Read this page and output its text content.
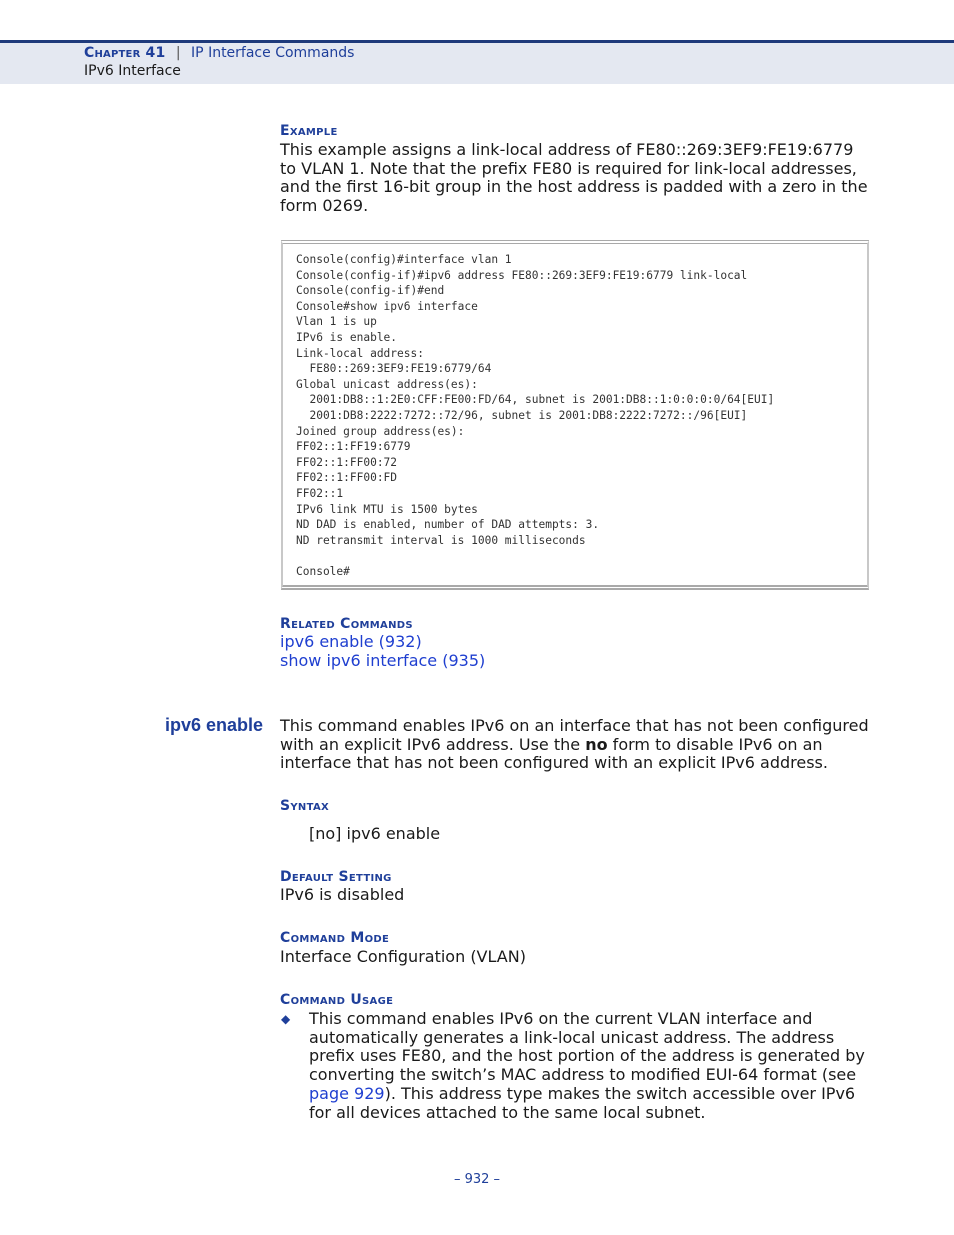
Chapter 41 | IP Interface Commands
IPv6 Interface
Example
This example assigns a link-local address of FE80::269:3EF9:FE19:6779 to VLAN 1. Note that the prefix FE80 is required for link-local addresses, and the first 16-bit group in the host address is padded with a zero in the form 0269.
Console(config)#interface vlan 1
Console(config-if)#ipv6 address FE80::269:3EF9:FE19:6779 link-local
Console(config-if)#end
Console#show ipv6 interface
Vlan 1 is up
IPv6 is enable.
Link-local address:
FE80::269:3EF9:FE19:6779/64
Global unicast address(es):
2001:DB8::1:2E0:CFF:FE00:FD/64, subnet is 2001:DB8::1:0:0:0:0/64[EUI]
2001:DB8:2222:7272::72/96, subnet is 2001:DB8:2222:7272::/96[EUI]
Joined group address(es):
FF02::1:FF19:6779
FF02::1:FF00:72
FF02::1:FF00:FD
FF02::1
IPv6 link MTU is 1500 bytes
ND DAD is enabled, number of DAD attempts: 3.
ND retransmit interval is 1000 milliseconds

Console#
Related Commands
ipv6 enable (932)
show ipv6 interface (935)
ipv6 enable This command enables IPv6 on an interface that has not been configured with an explicit IPv6 address. Use the no form to disable IPv6 on an interface that has not been configured with an explicit IPv6 address.
Syntax
[no] ipv6 enable
Default Setting
IPv6 is disabled
Command Mode
Interface Configuration (VLAN)
Command Usage
◆ This command enables IPv6 on the current VLAN interface and automatically generates a link-local unicast address. The address prefix uses FE80, and the host portion of the address is generated by converting the switch’s MAC address to modified EUI-64 format (see page 929). This address type makes the switch accessible over IPv6 for all devices attached to the same local subnet.
– 932 –
